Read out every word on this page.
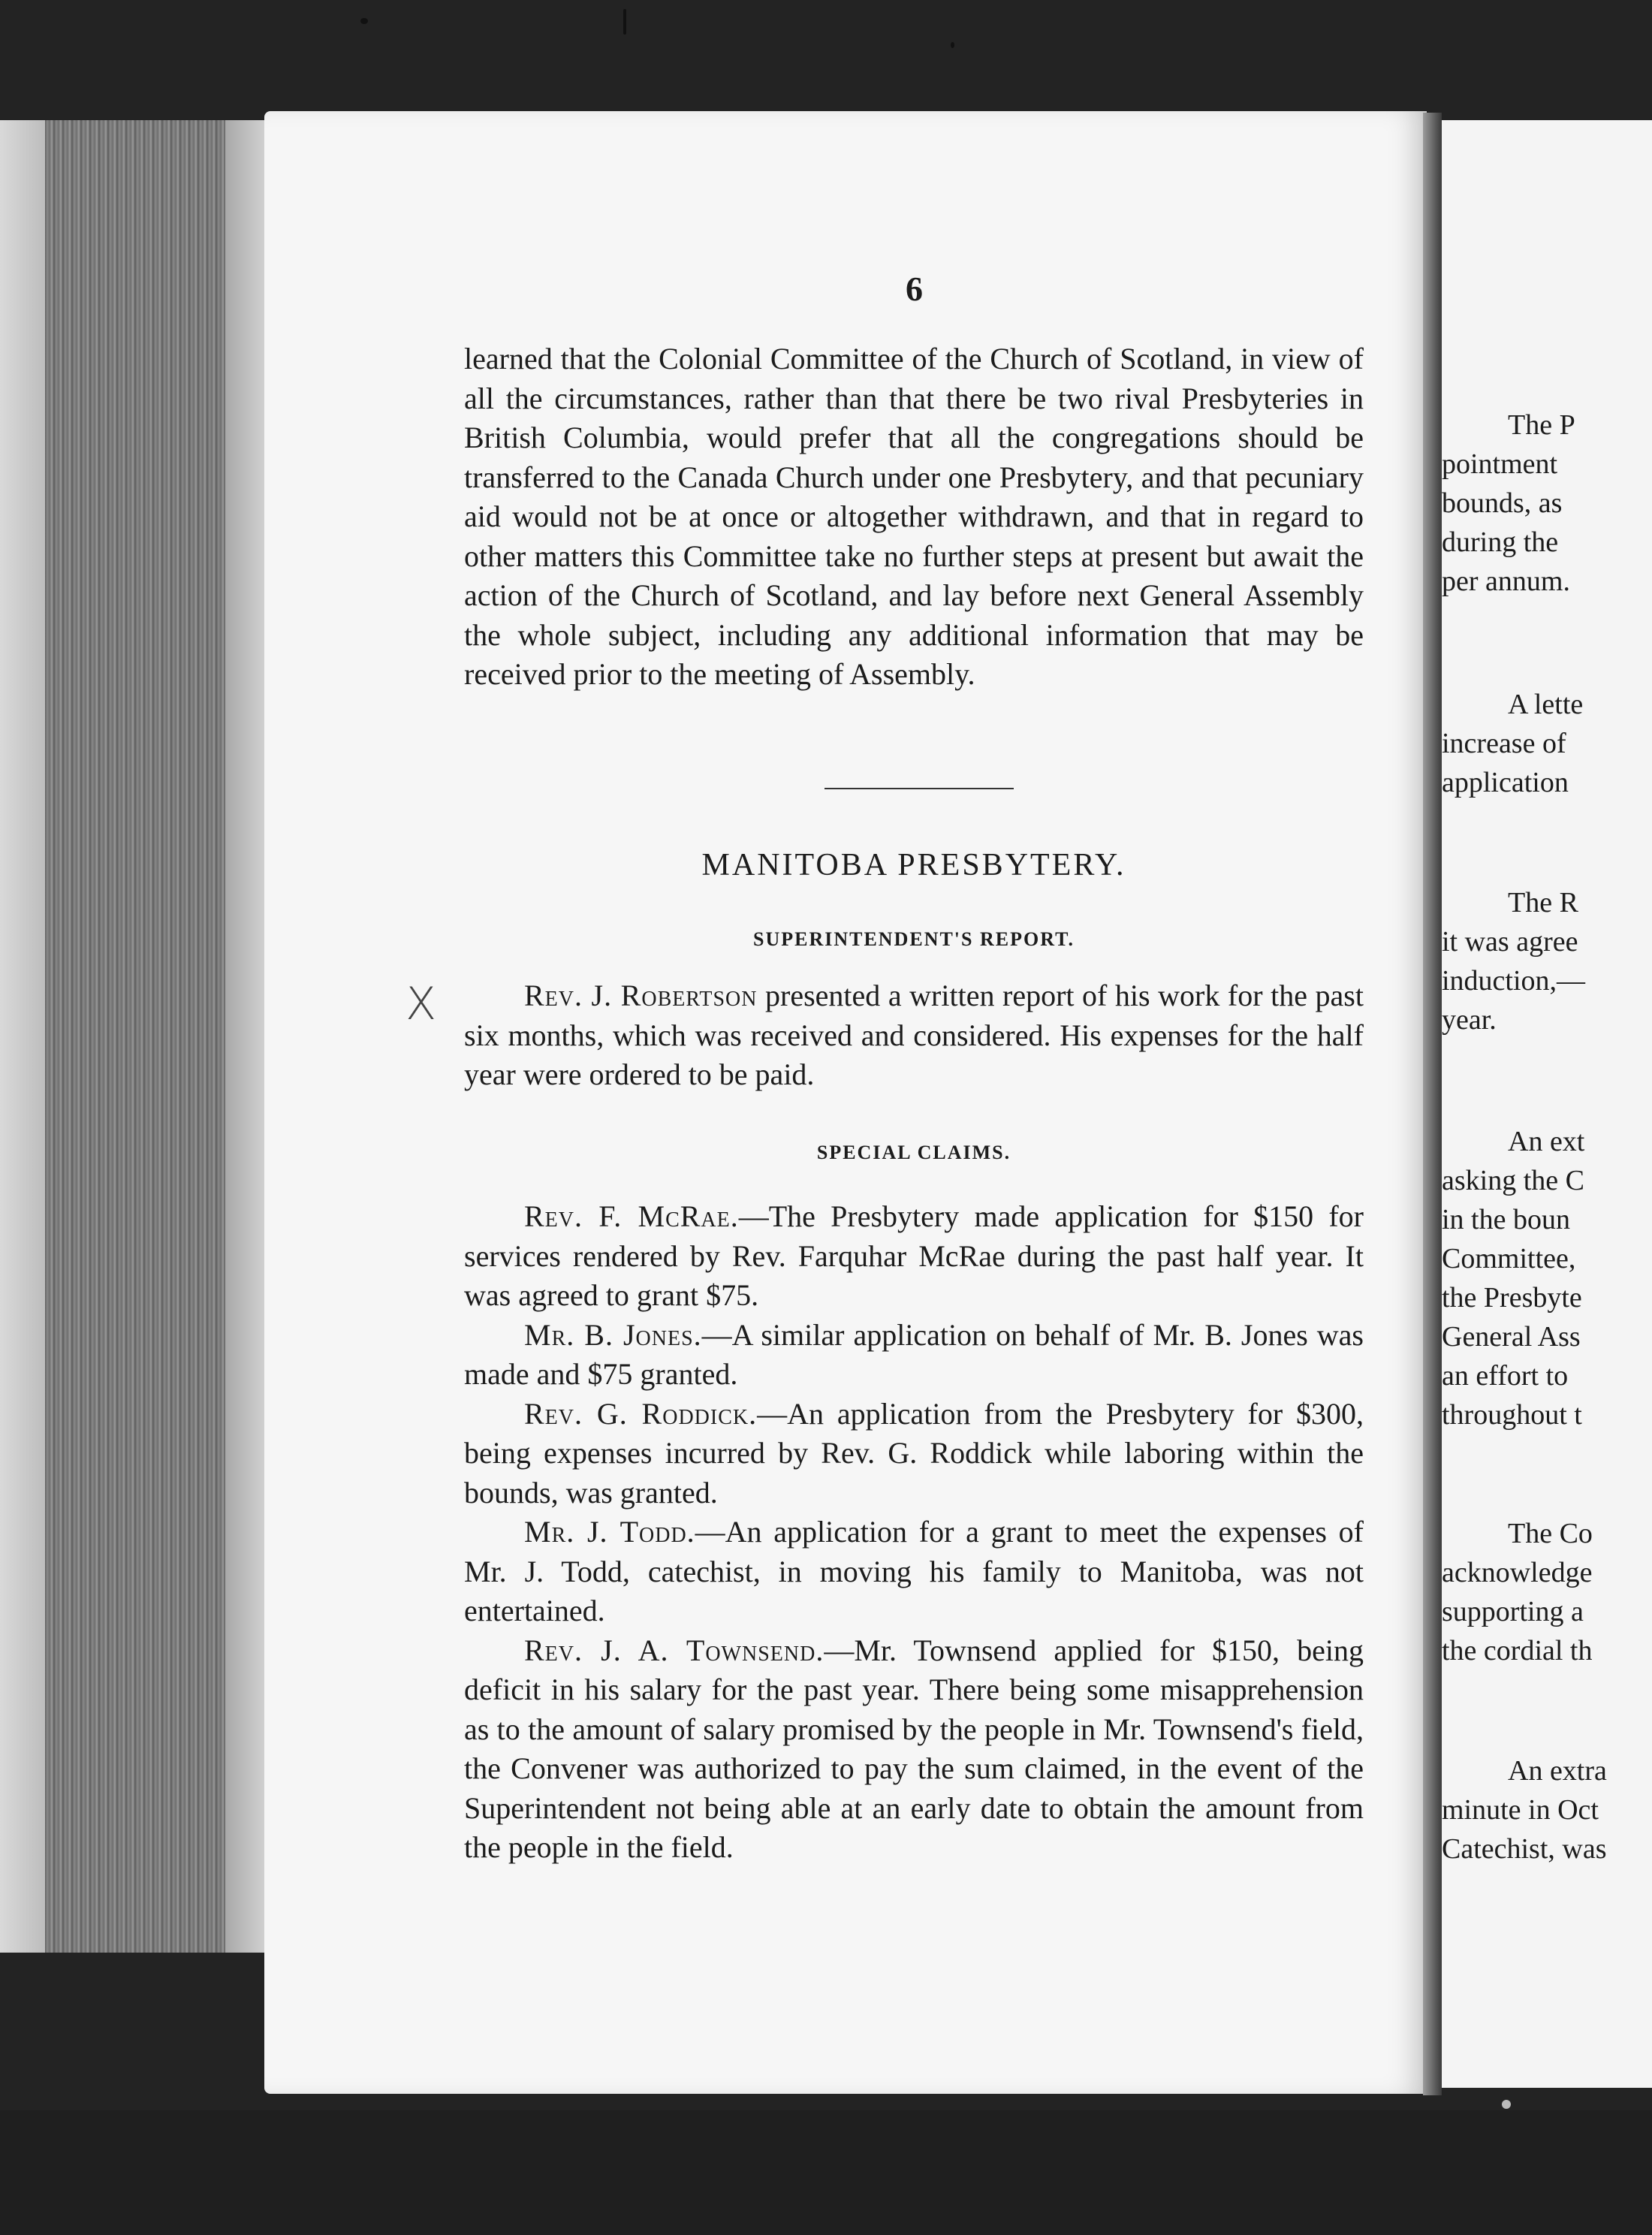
6

learned that the Colonial Committee of the Church of Scotland, in view of all the circumstances, rather than that there be two rival Presbyteries in British Columbia, would prefer that all the congregations should be transferred to the Canada Church under one Presbytery, and that pecuniary aid would not be at once or altogether withdrawn, and that in regard to other matters this Committee take no further steps at present but await the action of the Church of Scotland, and lay before next General Assembly the whole subject, including any additional information that may be received prior to the meeting of Assembly.

MANITOBA PRESBYTERY.
SUPERINTENDENT'S REPORT.

Rev. J. Robertson presented a written report of his work for the past six months, which was received and considered. His expenses for the half year were ordered to be paid.

X
SPECIAL CLAIMS.

Rev. F. McRae.—The Presbytery made application for $150 for services rendered by Rev. Farquhar McRae during the past half year. It was agreed to grant $75.

Mr. B. Jones.—A similar application on behalf of Mr. B. Jones was made and $75 granted.

Rev. G. Roddick.—An application from the Presbytery for $300, being expenses incurred by Rev. G. Roddick while laboring within the bounds, was granted.

Mr. J. Todd.—An application for a grant to meet the expenses of Mr. J. Todd, catechist, in moving his family to Manitoba, was not entertained.

Rev. J. A. Townsend.—Mr. Townsend applied for $150, being deficit in his salary for the past year. There being some misapprehension as to the amount of salary promised by the people in Mr. Townsend's field, the Convener was authorized to pay the sum claimed, in the event of the Superintendent not being able at an early date to obtain the amount from the people in the field.

The P
pointment
bounds, as
during the
per annum.
A lette
increase of
application
The R
it was agree
induction,—
year.
An ext
asking the C
in the boun
Committee,
the Presbyte
General Ass
an effort to
throughout t
The Co
acknowledge
supporting a
the cordial th
An extra
minute in Oct
Catechist, was
